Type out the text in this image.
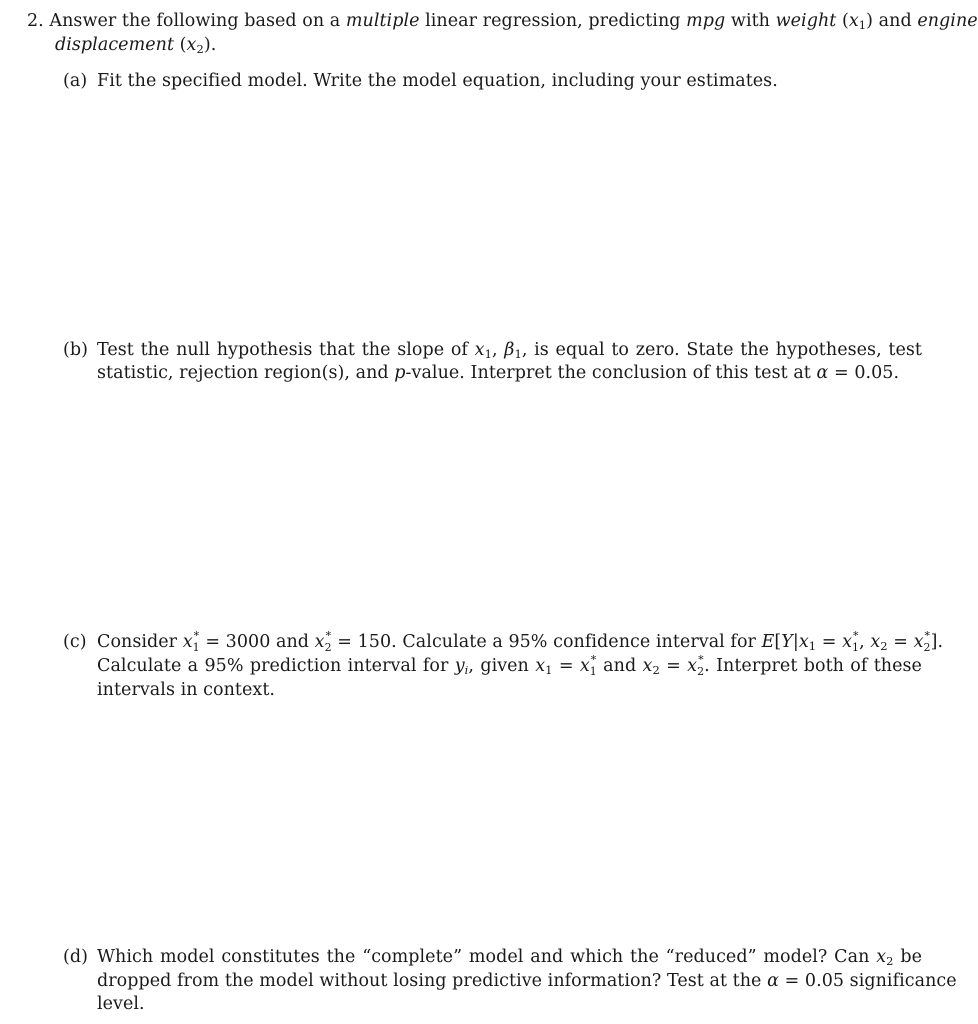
2. Answer the following based on a multiple linear regression, predicting mpg with weight $(x_1)$ and engine
displacement $(x_2)$.
(a) Fit the specified model. Write the model equation, including your estimates.
(b) Test the null hypothesis that the slope of $x_1$, $\beta_1$, is equal to zero. State the hypotheses, test
statistic, rejection region(s), and p-value. Interpret the conclusion of this test at α = 0.05.
(c) Consider x ∗
$_1$ = 3000 and x ∗
$_2$ = 150. Calculate a 95% confidence interval for $E[Y|x_1 = x$ ∗
$_1$, $x_2 = x$ ∗
$_2$].
Calculate a 95% prediction interval for $y_i$, given $x_1 = x$ ∗
$_1$ and $x_2 = x$ ∗
$_2$. Interpret both of these
intervals in context.
(d) Which model constitutes the “complete” model and which the “reduced” model? Can $x_2$ be
dropped from the model without losing predictive information? Test at the α = 0.05 significance
level.
